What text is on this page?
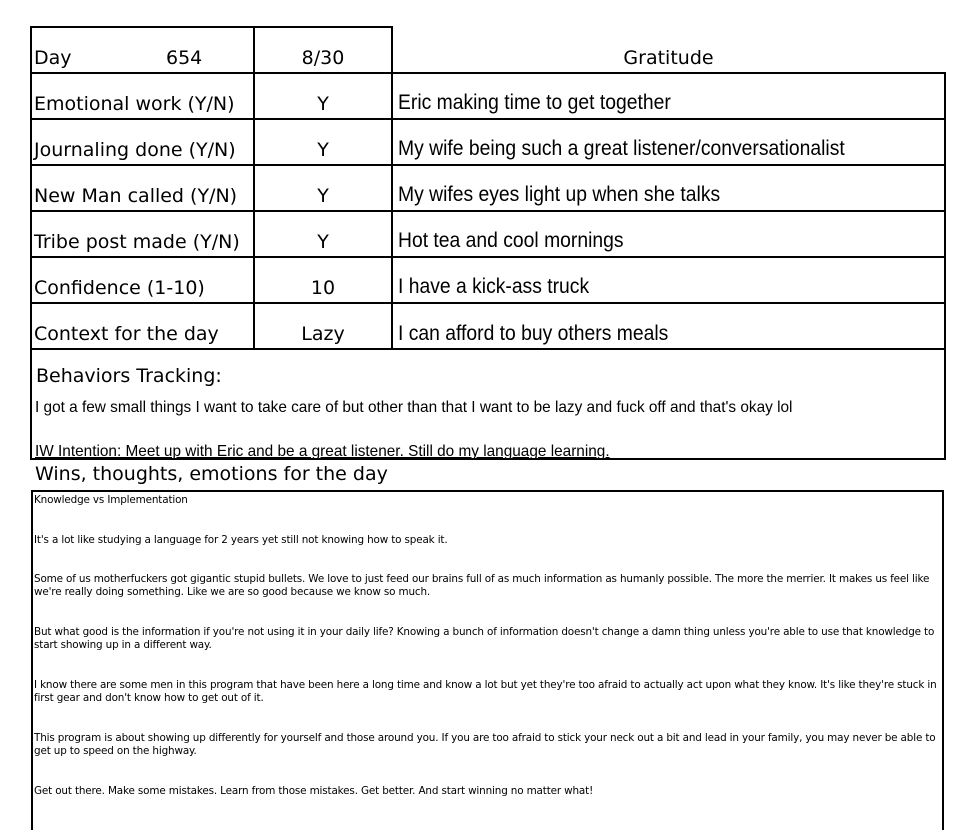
Day	654
Emotional work (Y/N)
Journaling done (Y/N)
New Man called (Y/N)
Tribe post made (Y/N)
Confidence (1-10)
Context for the day
8/30
Y
Y
Y
Y
10
Lazy
Gratitude
Eric making time to get together
My wife being such a great listener/conversationalist
My wifes eyes light up when she talks
Hot tea and cool mornings
I have a kick-ass truck
I can afford to buy others meals
Behaviors Tracking:
I got a few small things I want to take care of but other than that I want to be lazy and fuck off and that's okay lol
IW Intention: Meet up with Eric and be a great listener. Still do my language learning.
Wins, thoughts, emotions for the day
Knowledge vs Implementation
It's a lot like studying a language for 2 years yet still not knowing how to speak it.
Some of us motherfuckers got gigantic stupid bullets. We love to just feed our brains full of as much information as humanly possible. The more the merrier. It makes us feel like we're really doing something. Like we are so good because we know so much.
But what good is the information if you're not using it in your daily life? Knowing a bunch of information doesn't change a damn thing unless you're able to use that knowledge to start showing up in a different way.
I know there are some men in this program that have been here a long time and know a lot but yet they're too afraid to actually act upon what they know. It's like they're stuck in first gear and don't know how to get out of it.
This program is about showing up differently for yourself and those around you. If you are too afraid to stick your neck out a bit and lead in your family, you may never be able to get up to speed on the highway.
Get out there. Make some mistakes. Learn from those mistakes. Get better. And start winning no matter what!
